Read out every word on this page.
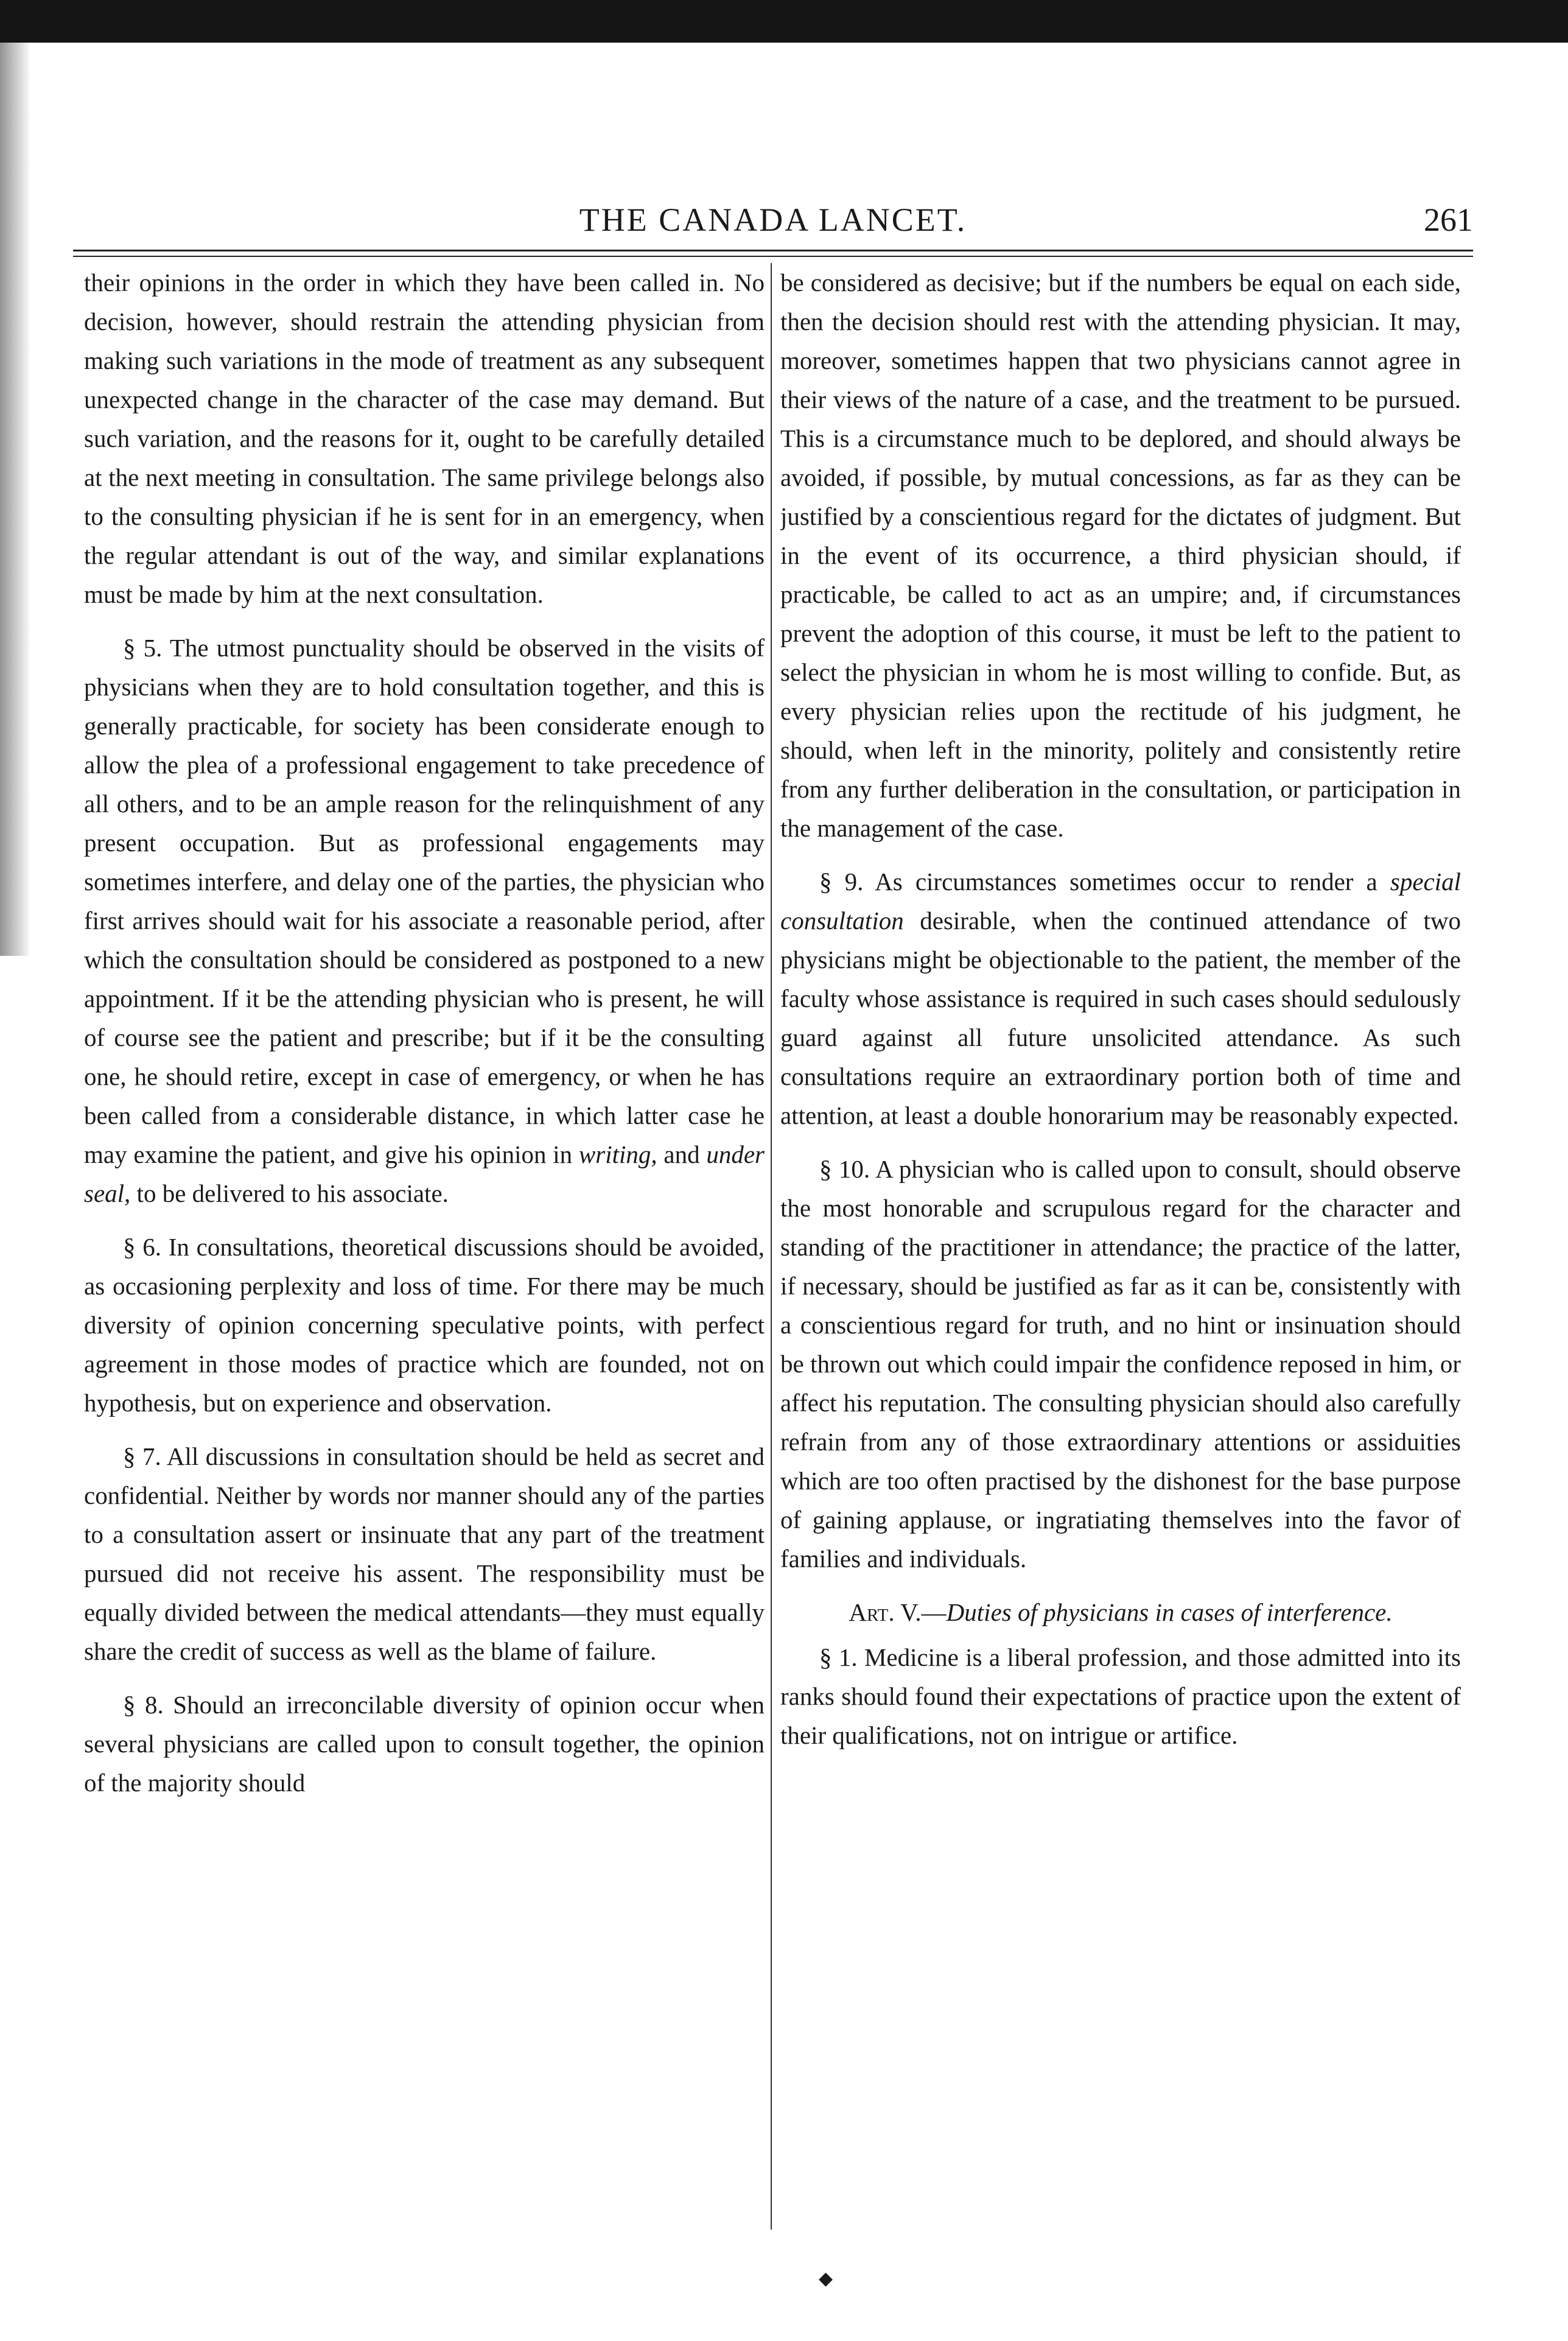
THE CANADA LANCET.	261

their opinions in the order in which they have been called in. No decision, however, should restrain the attending physician from making such variations in the mode of treatment as any subsequent unexpected change in the character of the case may demand. But such variation, and the reasons for it, ought to be carefully detailed at the next meeting in consultation. The same privilege belongs also to the consulting physician if he is sent for in an emergency, when the regular attendant is out of the way, and similar explanations must be made by him at the next consultation.

§ 5. The utmost punctuality should be observed in the visits of physicians when they are to hold consultation together, and this is generally practicable, for society has been considerate enough to allow the plea of a professional engagement to take precedence of all others, and to be an ample reason for the relinquishment of any present occupation. But as professional engagements may sometimes interfere, and delay one of the parties, the physician who first arrives should wait for his associate a reasonable period, after which the consultation should be considered as postponed to a new appointment. If it be the attending physician who is present, he will of course see the patient and prescribe; but if it be the consulting one, he should retire, except in case of emergency, or when he has been called from a considerable distance, in which latter case he may examine the patient, and give his opinion in writing, and under seal, to be delivered to his associate.

§ 6. In consultations, theoretical discussions should be avoided, as occasioning perplexity and loss of time. For there may be much diversity of opinion concerning speculative points, with perfect agreement in those modes of practice which are founded, not on hypothesis, but on experience and observation.

§ 7. All discussions in consultation should be held as secret and confidential. Neither by words nor manner should any of the parties to a consultation assert or insinuate that any part of the treatment pursued did not receive his assent. The responsibility must be equally divided between the medical attendants—they must equally share the credit of success as well as the blame of failure.

§ 8. Should an irreconcilable diversity of opinion occur when several physicians are called upon to consult together, the opinion of the majority should

be considered as decisive; but if the numbers be equal on each side, then the decision should rest with the attending physician. It may, moreover, sometimes happen that two physicians cannot agree in their views of the nature of a case, and the treatment to be pursued. This is a circumstance much to be deplored, and should always be avoided, if possible, by mutual concessions, as far as they can be justified by a conscientious regard for the dictates of judgment. But in the event of its occurrence, a third physician should, if practicable, be called to act as an umpire; and, if circumstances prevent the adoption of this course, it must be left to the patient to select the physician in whom he is most willing to confide. But, as every physician relies upon the rectitude of his judgment, he should, when left in the minority, politely and consistently retire from any further deliberation in the consultation, or participation in the management of the case.

§ 9. As circumstances sometimes occur to render a special consultation desirable, when the continued attendance of two physicians might be objectionable to the patient, the member of the faculty whose assistance is required in such cases should sedulously guard against all future unsolicited attendance. As such consultations require an extraordinary portion both of time and attention, at least a double honorarium may be reasonably expected.

§ 10. A physician who is called upon to consult, should observe the most honorable and scrupulous regard for the character and standing of the practitioner in attendance; the practice of the latter, if necessary, should be justified as far as it can be, consistently with a conscientious regard for truth, and no hint or insinuation should be thrown out which could impair the confidence reposed in him, or affect his reputation. The consulting physician should also carefully refrain from any of those extraordinary attentions or assiduities which are too often practised by the dishonest for the base purpose of gaining applause, or ingratiating themselves into the favor of families and individuals.

Art. V.—Duties of physicians in cases of interference.

§ 1. Medicine is a liberal profession, and those admitted into its ranks should found their expectations of practice upon the extent of their qualifications, not on intrigue or artifice.

◆
